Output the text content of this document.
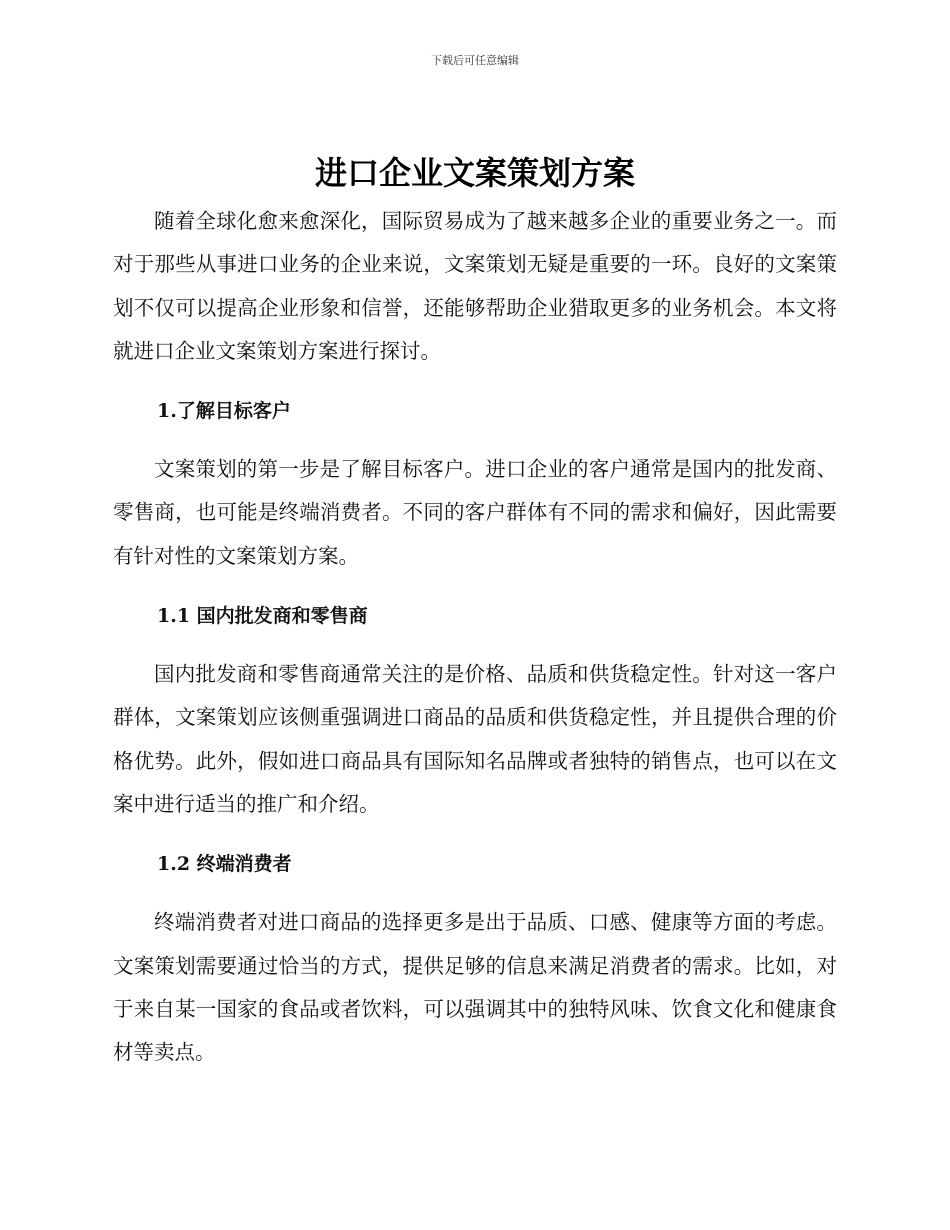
下载后可任意编辑
进口企业文案策划方案

随着全球化愈来愈深化，国际贸易成为了越来越多企业的重要业务之一。而对于那些从事进口业务的企业来说，文案策划无疑是重要的一环。良好的文案策划不仅可以提高企业形象和信誉，还能够帮助企业猎取更多的业务机会。本文将就进口企业文案策划方案进行探讨。

1.了解目标客户

文案策划的第一步是了解目标客户。进口企业的客户通常是国内的批发商、零售商，也可能是终端消费者。不同的客户群体有不同的需求和偏好，因此需要有针对性的文案策划方案。

1.1 国内批发商和零售商

国内批发商和零售商通常关注的是价格、品质和供货稳定性。针对这一客户群体，文案策划应该侧重强调进口商品的品质和供货稳定性，并且提供合理的价格优势。此外，假如进口商品具有国际知名品牌或者独特的销售点，也可以在文案中进行适当的推广和介绍。

1.2 终端消费者

终端消费者对进口商品的选择更多是出于品质、口感、健康等方面的考虑。文案策划需要通过恰当的方式，提供足够的信息来满足消费者的需求。比如，对于来自某一国家的食品或者饮料，可以强调其中的独特风味、饮食文化和健康食材等卖点。
